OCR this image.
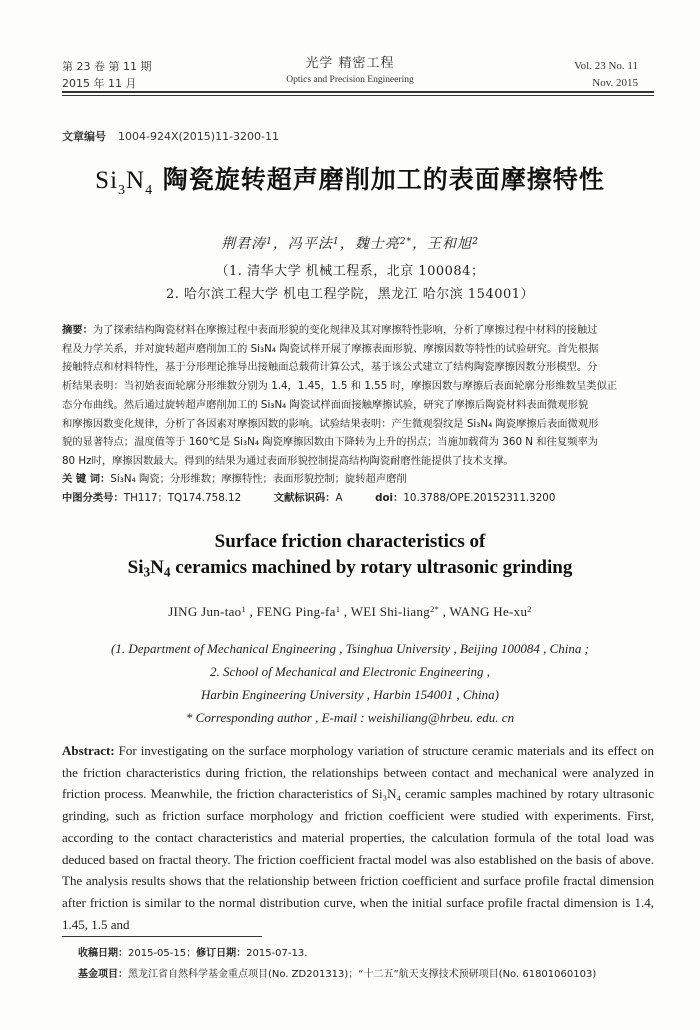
第 23 卷 第 11 期
2015 年 11 月
光学 精密工程
Optics and Precision Engineering
Vol. 23 No. 11
Nov. 2015
文章编号 1004-924X(2015)11-3200-11
$Si_3N_4$ 陶瓷旋转超声磨削加工的表面摩擦特性
荆君涛$^1$，冯平法$^1$，魏士亮$^{2*}$，王和旭$^2$
（1. 清华大学 机械工程系，北京 100084；
2. 哈尔滨工程大学 机电工程学院，黑龙江 哈尔滨 154001）
摘要：为了探索结构陶瓷材料在摩擦过程中表面形貌的变化规律及其对摩擦特性影响，分析了摩擦过程中材料的接触过
程及力学关系，并对旋转超声磨削加工的 Si₃N₄ 陶瓷试样开展了摩擦表面形貌、摩擦因数等特性的试验研究。首先根据
接触特点和材料特性，基于分形理论推导出接触面总载荷计算公式，基于该公式建立了结构陶瓷摩擦因数分形模型。分
析结果表明：当初始表面轮廓分形维数分别为 1.4，1.45，1.5 和 1.55 时，摩擦因数与摩擦后表面轮廓分形维数呈类似正
态分布曲线。然后通过旋转超声磨削加工的 Si₃N₄ 陶瓷试样面面接触摩擦试验，研究了摩擦后陶瓷材料表面微观形貌
和摩擦因数变化规律，分析了各因素对摩擦因数的影响。试验结果表明：产生微观裂纹是 Si₃N₄ 陶瓷摩擦后表面微观形
貌的显著特点；温度值等于 160℃是 Si₃N₄ 陶瓷摩擦因数由下降转为上升的拐点；当施加载荷为 360 N 和往复频率为
80 Hz时，摩擦因数最大。得到的结果为通过表面形貌控制提高结构陶瓷耐磨性能提供了技术支撑。
关 键 词：Si₃N₄ 陶瓷；分形维数；摩擦特性；表面形貌控制；旋转超声磨削
中图分类号：TH117；TQ174.758.12	文献标识码：A	doi：10.3788/OPE.20152311.3200
Surface friction characteristics of
$Si_3N_4$ ceramics machined by rotary ultrasonic grinding
JING Jun-tao$^1$ , FENG Ping-$fa^1$ , WEI Shi-liang$^{2*}$ , WANG $He-xu^2$
(1. Department of Mechanical Engineering , Tsinghua University , Beijing 100084 , China ;
2. School of Mechanical and Electronic Engineering ,
Harbin Engineering University , Harbin 154001 , China)
* Corresponding author , E-mail : weishiliang@hrbeu. edu. cn
Abstract: For investigating on the surface morphology variation of structure ceramic materials and its effect on the friction characteristics during friction, the relationships between contact and mechanical were analyzed in friction process. Meanwhile, the friction characteristics of Si₃N₄ ceramic samples machined by rotary ultrasonic grinding, such as friction surface morphology and friction coefficient were studied with experiments. First, according to the contact characteristics and material properties, the calculation formula of the total load was deduced based on fractal theory. The friction coefficient fractal model was also established on the basis of above. The analysis results shows that the relationship between friction coefficient and surface profile fractal dimension after friction is similar to the normal distribution curve, when the initial surface profile fractal dimension is 1.4, 1.45, 1.5 and
收稿日期：2015-05-15；修订日期：2015-07-13.
基金项目：黑龙江省自然科学基金重点项目(No. ZD201313)；“十二五”航天支撑技术预研项目(No. 61801060103)
